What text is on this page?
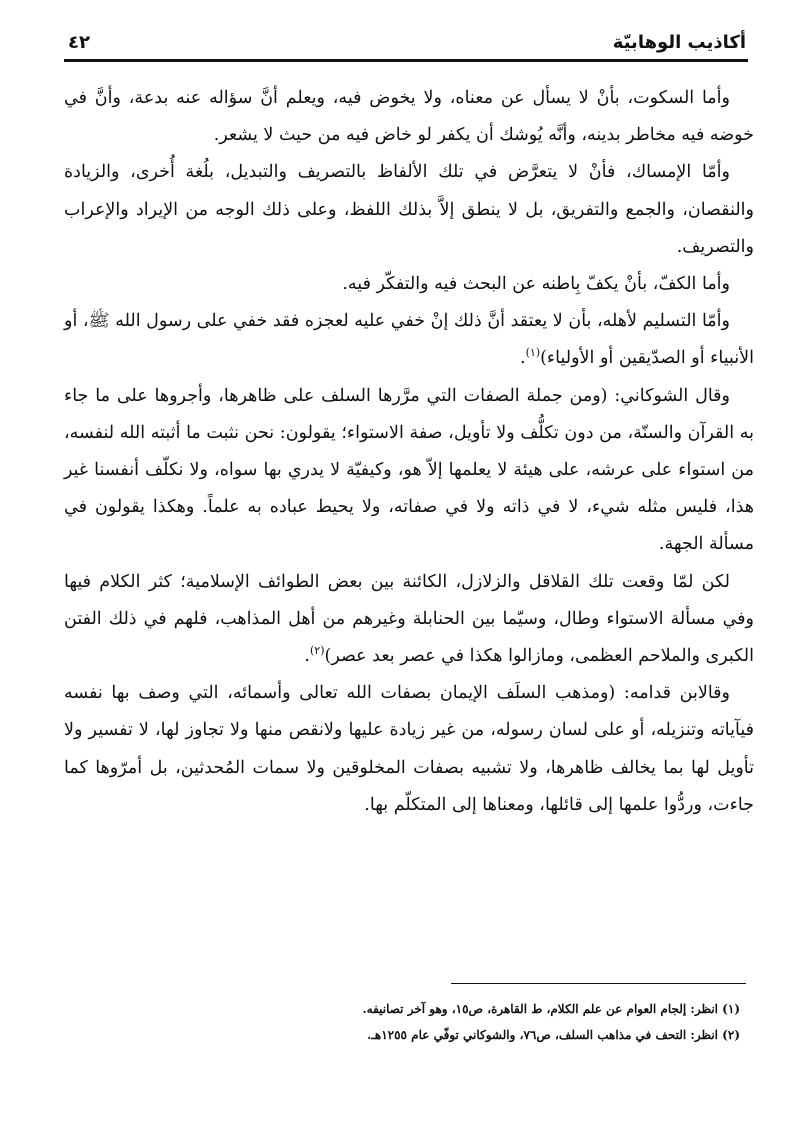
أكاذيب الوهابيّة
٤٢

وأما السكوت، بأنْ لا يسأل عن معناه، ولا يخوض فيه، ويعلم أنَّ سؤاله عنه بدعة، وأنَّ في خوضه فيه مخاطر بدينه، وأنَّه يُوشك أن يكفر لو خاض فيه من حيث لا يشعر.

وأمّا الإمساك، فأنْ لا يتعرَّض في تلك الألفاظ بالتصريف والتبديل، بلُغة أُخرى، والزيادة والنقصان، والجمع والتفريق، بل لا ينطق إلاَّ بذلك اللفظ، وعلى ذلك الوجه من الإيراد والإعراب والتصريف.

وأما الكفّ، بأنْ يكفّ بِاطنه عن البحث فيه والتفكّر فيه.

وأمّا التسليم لأهله، بأن لا يعتقد أنَّ ذلك إنْ خفي عليه لعجزه فقد خفي على رسول الله ﷺ، أو الأنبياء أو الصدّيقين أو الأولياء)$^{(١)}$.

وقال الشوكاني: (ومن جملة الصفات التي مرَّرها السلف على ظاهرها، وأجروها على ما جاء به القرآن والسنّة، من دون تكلُّف ولا تأويل، صفة الاستواء؛ يقولون: نحن نثبت ما أثبته الله لنفسه، من استواء على عرشه، على هيئة لا يعلمها إلاّ هو، وكيفيّة لا يدري بها سواه، ولا نكلّف أنفسنا غير هذا، فليس مثله شيء، لا في ذاته ولا في صفاته، ولا يحيط عباده به علماً. وهكذا يقولون في مسألة الجهة.

لكن لمّا وقعت تلك القلاقل والزلازل، الكائنة بين بعض الطوائف الإسلامية؛ كثر الكلام فيها وفي مسألة الاستواء وطال، وسيّما بين الحنابلة وغيرهم من أهل المذاهب، فلهم في ذلك الفتن الكبرى والملاحم العظمى، ومازالوا هكذا في عصر بعد عصر)$^{(٢)}$.

وقالابن قدامه: (ومذهب السلَف الإيمان بصفات الله تعالى وأسمائه، التي وصف بها نفسه فيآياته وتنزيله، أو على لسان رسوله، من غير زيادة عليها ولانقص منها ولا تجاوز لها، لا تفسير ولا تأويل لها بما يخالف ظاهرها، ولا تشبيه بصفات المخلوقين ولا سمات المُحدثين، بل أمرّوها كما جاءت، وردُّوا علمها إلى قائلها، ومعناها إلى المتكلّم بها.

(١) انظر: إلجام العوام عن علم الكلام، ط القاهرة، ص١٥، وهو آخر تصانيفه.

(٢) انظر: التحف في مذاهب السلف، ص٧٦، والشوكاني توفّي عام ١٢٥٥هـ.
